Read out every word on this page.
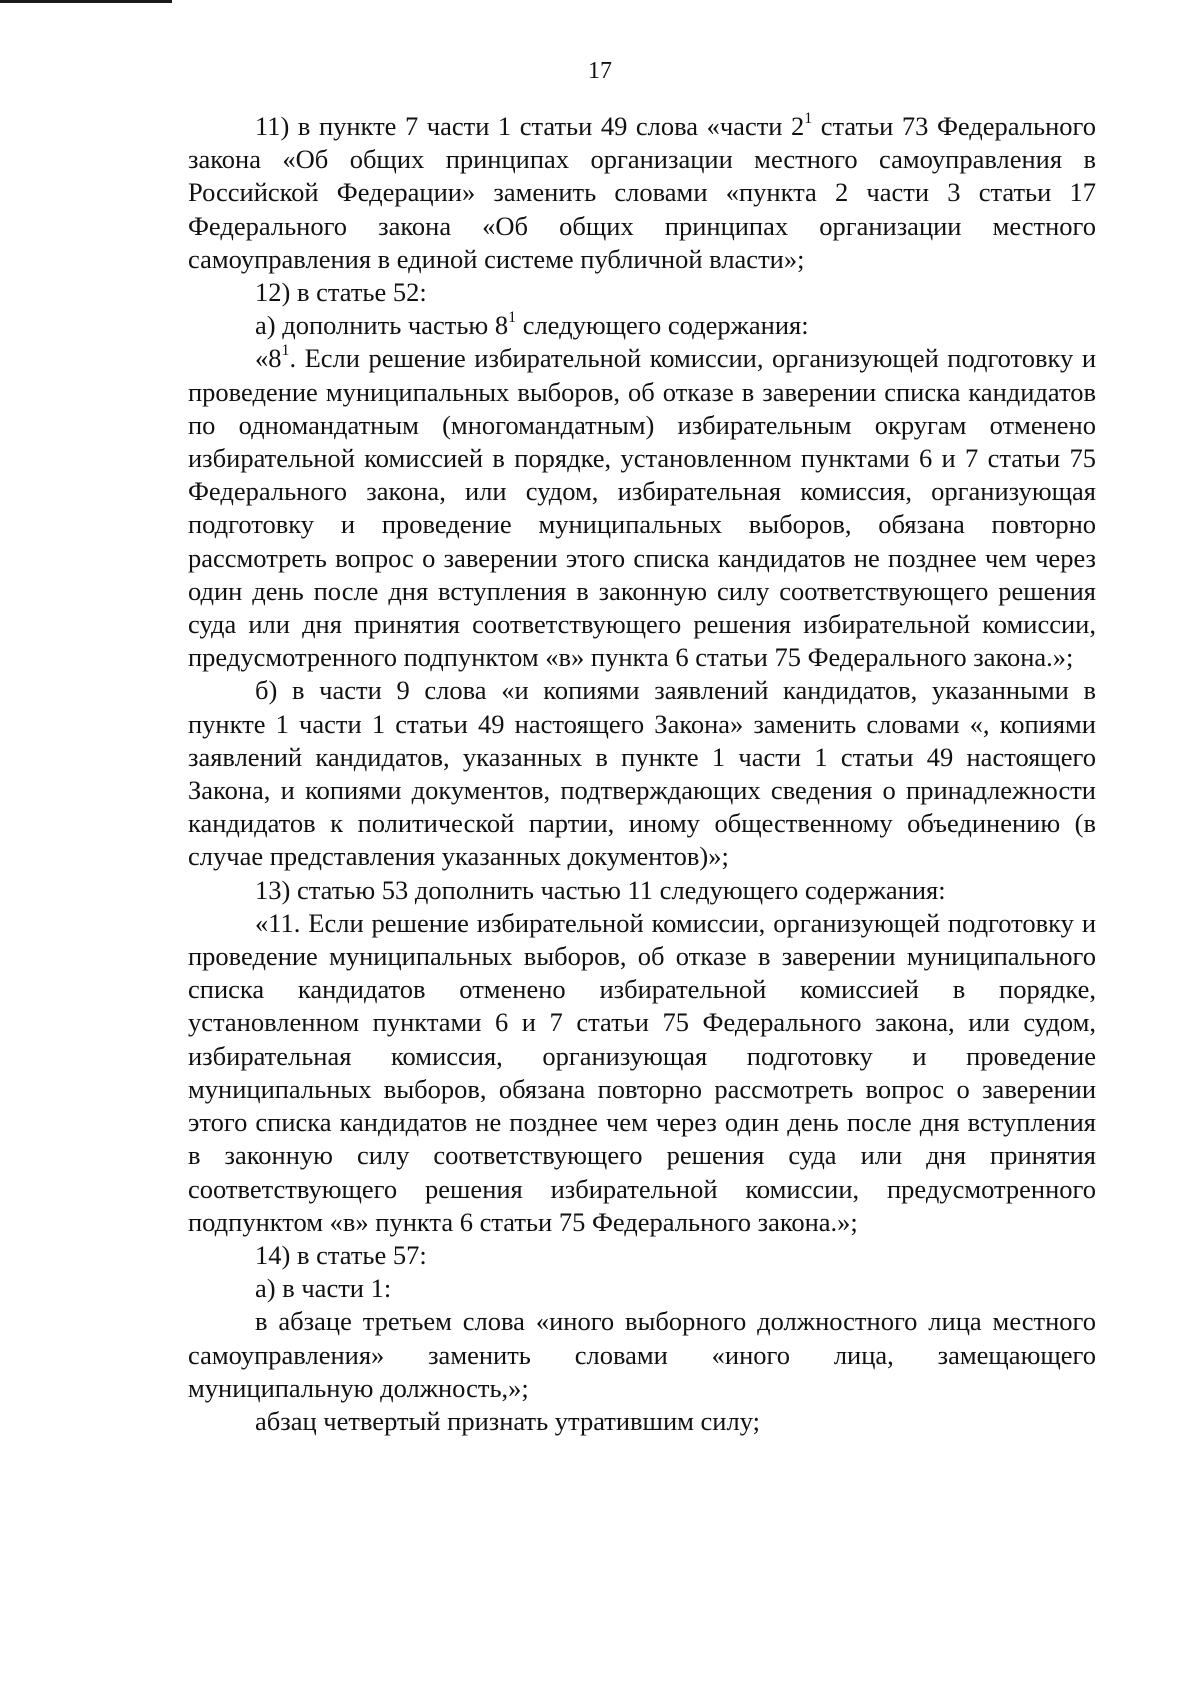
17

11) в пункте 7 части 1 статьи 49 слова «части $2^1$ статьи 73 Федерального закона «Об общих принципах организации местного самоуправления в Российской Федерации» заменить словами «пункта 2 части 3 статьи 17 Федерального закона «Об общих принципах организации местного самоуправления в единой системе публичной власти»;

12) в статье 52:

а) дополнить частью $8^1$ следующего содержания:

«$8^1$. Если решение избирательной комиссии, организующей подготовку и проведение муниципальных выборов, об отказе в заверении списка кандидатов по одномандатным (многомандатным) избирательным округам отменено избирательной комиссией в порядке, установленном пунктами 6 и 7 статьи 75 Федерального закона, или судом, избирательная комиссия, организующая подготовку и проведение муниципальных выборов, обязана повторно рассмотреть вопрос о заверении этого списка кандидатов не позднее чем через один день после дня вступления в законную силу соответствующего решения суда или дня принятия соответствующего решения избирательной комиссии, предусмотренного подпунктом «в» пункта 6 статьи 75 Федерального закона.»;

б) в части 9 слова «и копиями заявлений кандидатов, указанными в пункте 1 части 1 статьи 49 настоящего Закона» заменить словами «, копиями заявлений кандидатов, указанных в пункте 1 части 1 статьи 49 настоящего Закона, и копиями документов, подтверждающих сведения о принадлежности кандидатов к политической партии, иному общественному объединению (в случае представления указанных документов)»;

13) статью 53 дополнить частью 11 следующего содержания:

«11. Если решение избирательной комиссии, организующей подготовку и проведение муниципальных выборов, об отказе в заверении муниципального списка кандидатов отменено избирательной комиссией в порядке, установленном пунктами 6 и 7 статьи 75 Федерального закона, или судом, избирательная комиссия, организующая подготовку и проведение муниципальных выборов, обязана повторно рассмотреть вопрос о заверении этого списка кандидатов не позднее чем через один день после дня вступления в законную силу соответствующего решения суда или дня принятия соответствующего решения избирательной комиссии, предусмотренного подпунктом «в» пункта 6 статьи 75 Федерального закона.»;

14) в статье 57:

а) в части 1:

в абзаце третьем слова «иного выборного должностного лица местного самоуправления» заменить словами «иного лица, замещающего муниципальную должность,»;

абзац четвертый признать утратившим силу;
